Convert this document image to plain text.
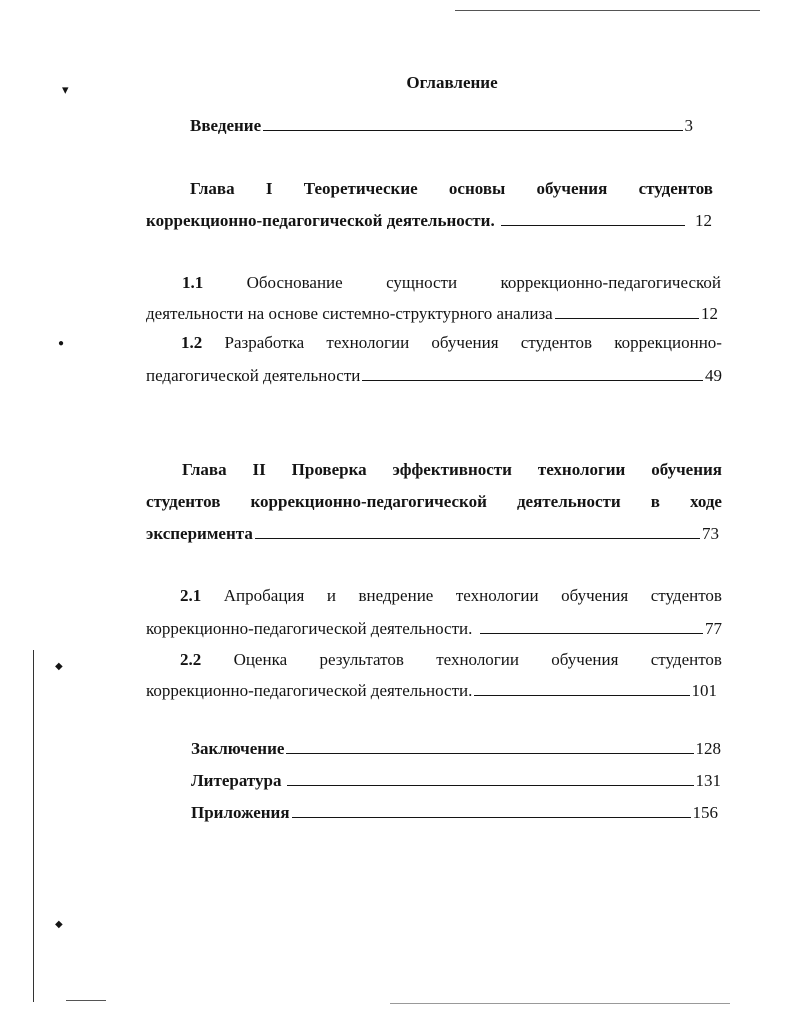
▾
●
◆
◆
Оглавление
Введение	3
Глава I Теоретические основы обучения студентов
коррекционно-педагогической деятельности.	12
1.1	Обоснование	сущности	коррекционно-педагогической
деятельности на основе системно-структурного анализа	12
1.2 Разработка технологии обучения студентов коррекционно-
педагогической деятельности	49
Глава II Проверка эффективности технологии обучения
студентов коррекционно-педагогической деятельности в ходе
эксперимента	73
2.1 Апробация и внедрение технологии обучения студентов
коррекционно-педагогической деятельности.	77
2.2 Оценка результатов технологии обучения студентов
коррекционно-педагогической деятельности.	101
Заключение	128
Литература	131
Приложения	156
